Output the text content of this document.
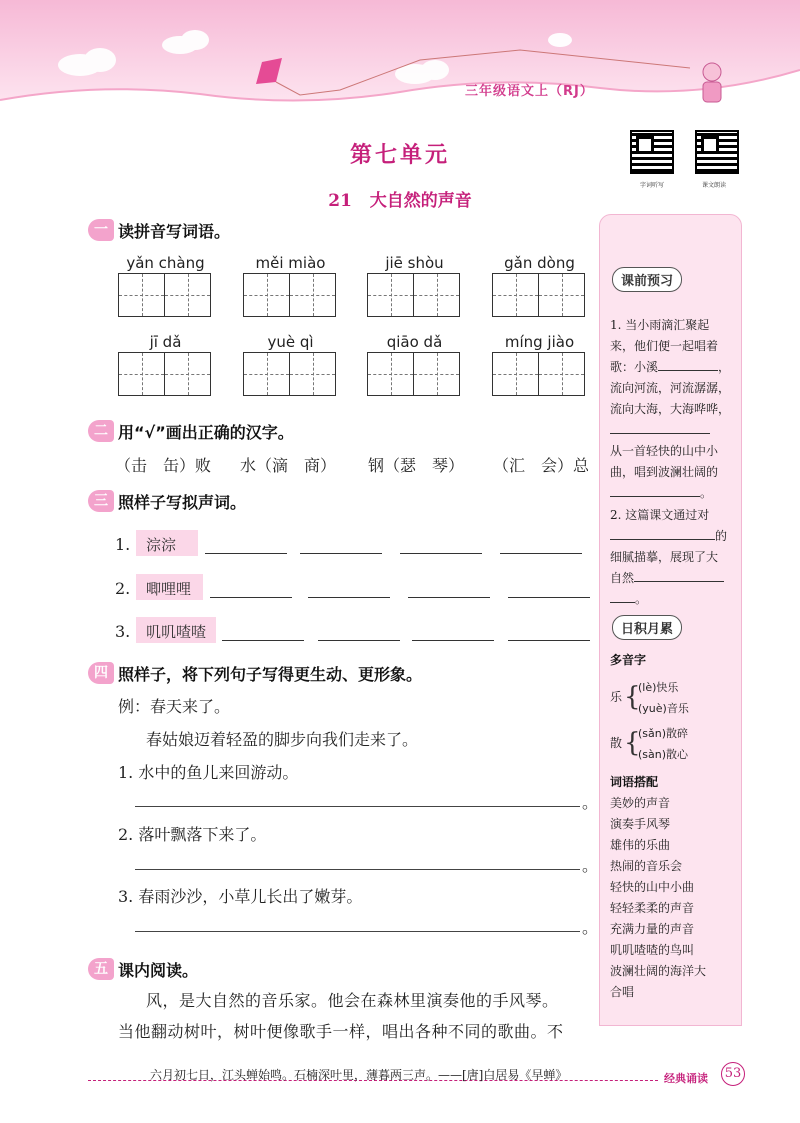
三年级语文上（RJ）
字词听写	课文朗读
第七单元
21 大自然的声音
一 读拼音写词语。
yǎn chàng	měi miào	jiē shòu	gǎn dòng
jī dǎ	yuè qì	qiāo dǎ	míng jiào
二 用“√”画出正确的汉字。
（击　缶）败 水（滴　商） 钢（瑟　琴） （汇　会）总
三 照样子写拟声词。
1.	淙淙
2.	唧哩哩
3.	叽叽喳喳
四 照样子，将下列句子写得更生动、更形象。
例：春天来了。
春姑娘迈着轻盈的脚步向我们走来了。
1. 水中的鱼儿来回游动。
。
2. 落叶飘落下来了。
。
3. 春雨沙沙，小草儿长出了嫩芽。
。
五 课内阅读。
风，是大自然的音乐家。他会在森林里演奏他的手风琴。
当他翻动树叶，树叶便像歌手一样，唱出各种不同的歌曲。不
课前预习
1. 当小雨滴汇聚起
来，他们便一起唱着
歌：小溪	，
流向河流，河流潺潺，
流向大海，大海哗哗，
从一首轻快的山中小
曲，唱到波澜壮阔的
。
2. 这篇课文通过对
的
细腻描摹，展现了大
自然
。
日积月累
多音字
乐 {
(lè)快乐
(yuè)音乐
散 {
(sǎn)散碎
(sàn)散心
词语搭配
美妙的声音
演奏手风琴
雄伟的乐曲
热闹的音乐会
轻快的山中小曲
轻轻柔柔的声音
充满力量的声音
叽叽喳喳的鸟叫
波澜壮阔的海洋大
合唱
六月初七日，江头蝉始鸣。石楠深叶里，薄暮两三声。——[唐]白居易《早蝉》	经典诵读 53
